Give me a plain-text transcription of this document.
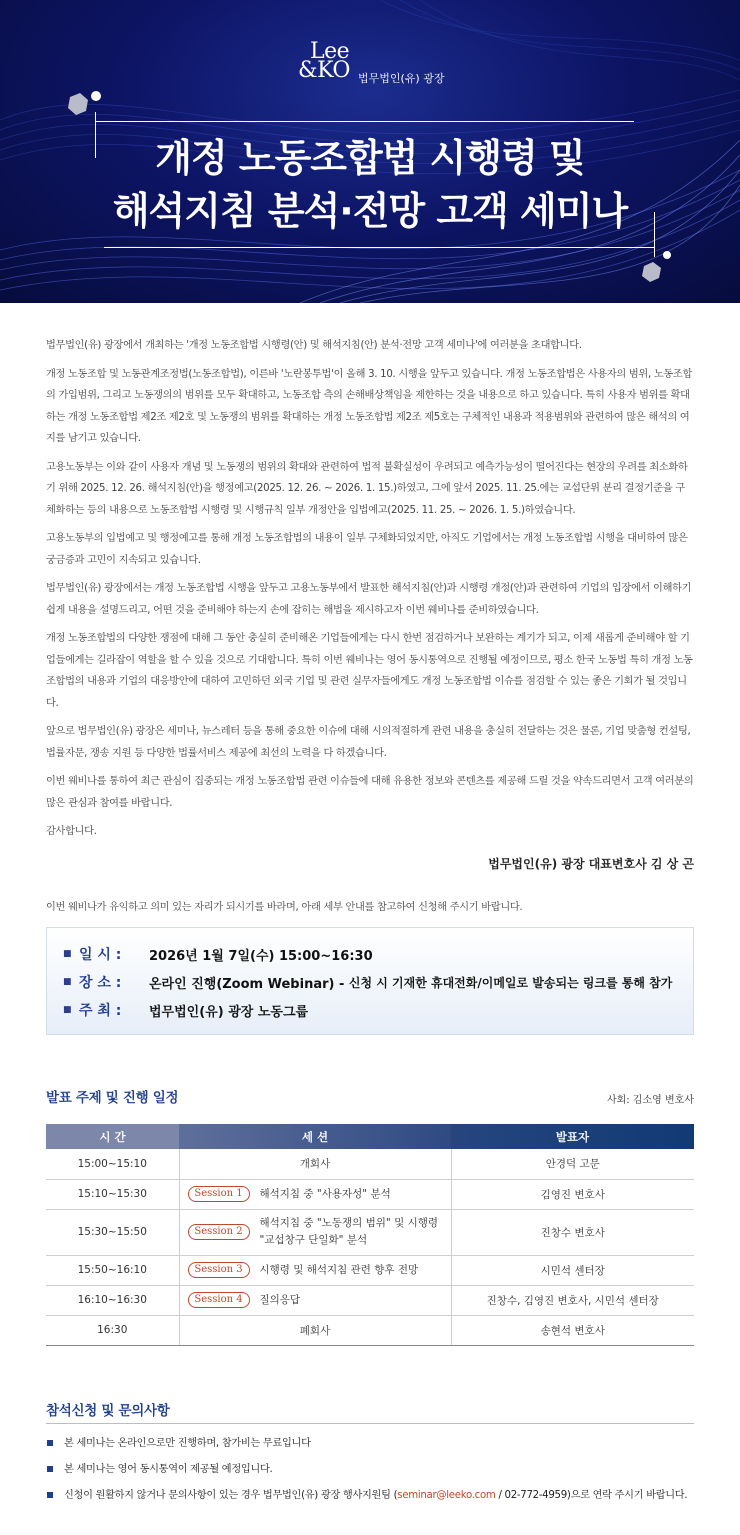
Lee
&KO 법무법인(유) 광장
개정 노동조합법 시행령 및
해석지침 분석·전망 고객 세미나

법무법인(유) 광장에서 개최하는 '개정 노동조합법 시행령(안) 및 해석지침(안) 분석·전망 고객 세미나'에 여러분을 초대합니다.

개정 노동조합 및 노동관계조정법(노동조합법), 이른바 '노란봉투법'이 올해 3. 10. 시행을 앞두고 있습니다. 개정 노동조합법은 사용자의 범위, 노동조합의 가입범위, 그리고 노동쟁의의 범위를 모두 확대하고, 노동조합 측의 손해배상책임을 제한하는 것을 내용으로 하고 있습니다. 특히 사용자 범위를 확대하는 개정 노동조합법 제2조 제2호 및 노동쟁의 범위를 확대하는 개정 노동조합법 제2조 제5호는 구체적인 내용과 적용범위와 관련하여 많은 해석의 여지를 남기고 있습니다.

고용노동부는 이와 같이 사용자 개념 및 노동쟁의 범위의 확대와 관련하여 법적 불확실성이 우려되고 예측가능성이 떨어진다는 현장의 우려를 최소화하기 위해 2025. 12. 26. 해석지침(안)을 행정예고(2025. 12. 26. ~ 2026. 1. 15.)하였고, 그에 앞서 2025. 11. 25.에는 교섭단위 분리 결정기준을 구체화하는 등의 내용으로 노동조합법 시행령 및 시행규칙 일부 개정안을 입법예고(2025. 11. 25. ~ 2026. 1. 5.)하였습니다.

고용노동부의 입법예고 및 행정예고를 통해 개정 노동조합법의 내용이 일부 구체화되었지만, 아직도 기업에서는 개정 노동조합법 시행을 대비하여 많은 궁금증과 고민이 지속되고 있습니다.

법무법인(유) 광장에서는 개정 노동조합법 시행을 앞두고 고용노동부에서 발표한 해석지침(안)과 시행령 개정(안)과 관련하여 기업의 입장에서 이해하기 쉽게 내용을 설명드리고, 어떤 것을 준비해야 하는지 손에 잡히는 해법을 제시하고자 이번 웨비나를 준비하였습니다.

개정 노동조합법의 다양한 쟁점에 대해 그 동안 충실히 준비해온 기업들에게는 다시 한번 점검하거나 보완하는 계기가 되고, 이제 새롭게 준비해야 할 기업들에게는 길라잡이 역할을 할 수 있을 것으로 기대합니다. 특히 이번 웨비나는 영어 동시통역으로 진행될 예정이므로, 평소 한국 노동법 특히 개정 노동조합법의 내용과 기업의 대응방안에 대하여 고민하던 외국 기업 및 관련 실무자들에게도 개정 노동조합법 이슈를 점검할 수 있는 좋은 기회가 될 것입니다.

앞으로 법무법인(유) 광장은 세미나, 뉴스레터 등을 통해 중요한 이슈에 대해 시의적절하게 관련 내용을 충실히 전달하는 것은 물론, 기업 맞춤형 컨설팅, 법률자문, 쟁송 지원 등 다양한 법률서비스 제공에 최선의 노력을 다 하겠습니다.

이번 웨비나를 통하여 최근 관심이 집중되는 개정 노동조합법 관련 이슈들에 대해 유용한 정보와 콘텐츠를 제공해 드릴 것을 약속드리면서 고객 여러분의 많은 관심과 참여를 바랍니다.

감사합니다.

법무법인(유) 광장 대표변호사 김 상 곤
이번 웨비나가 유익하고 의미 있는 자리가 되시기를 바라며, 아래 세부 안내를 참고하여 신청해 주시기 바랍니다.
■ 일 시 :	2026년 1월 7일(수) 15:00~16:30
■ 장 소 :	온라인 진행(Zoom Webinar) - 신청 시 기재한 휴대전화/이메일로 발송되는 링크를 통해 참가
■ 주 최 :	법무법인(유) 광장 노동그룹
발표 주제 및 진행 일정	사회: 김소영 변호사
시 간	세 션	발표자
15:00~15:10	개회사	안경덕 고문
15:10~15:30	Session 1 해석지침 중 "사용자성" 분석	김영진 변호사
15:30~15:50	Session 2
해석지침 중 "노동쟁의 범위" 및 시행령
"교섭창구 단일화" 분석	진창수 변호사
15:50~16:10	Session 3 시행령 및 해석지침 관련 향후 전망	시민석 센터장
16:10~16:30	Session 4 질의응답	진창수, 김영진 변호사, 시민석 센터장
16:30	폐회사	송현석 변호사
참석신청 및 문의사항
본 세미나는 온라인으로만 진행하며, 참가비는 무료입니다
본 세미나는 영어 동시통역이 제공될 예정입니다.
신청이 원활하지 않거나 문의사항이 있는 경우 법무법인(유) 광장 행사지원팀 (seminar@leeko.com / 02-772-4959)으로 연락 주시기 바랍니다.
